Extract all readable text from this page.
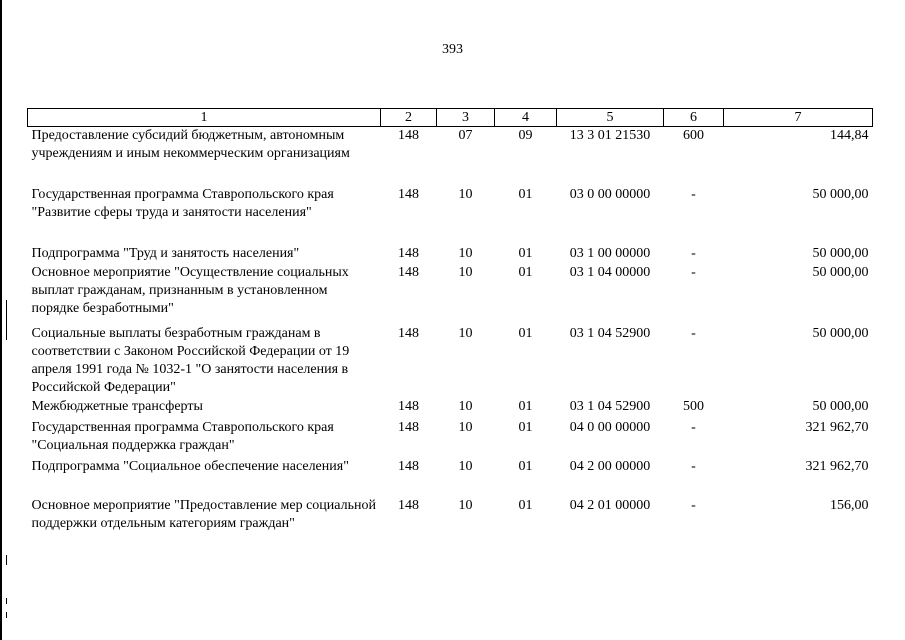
393
1	2	3	4	5	6	7
Предоставление субсидий бюджетным, автономным учреждениям и иным некоммерческим организациям	148	07	09	13 3 01 21530	600	144,84
Государственная программа Ставропольского края "Развитие сферы труда и занятости населения"	148	10	01	03 0 00 00000	-	50 000,00
Подпрограмма "Труд и занятость населения"	148	10	01	03 1 00 00000	-	50 000,00
Основное мероприятие "Осуществление социальных выплат гражданам, признанным в установленном порядке безработными"	148	10	01	03 1 04 00000	-	50 000,00
Социальные выплаты безработным гражданам в соответствии с Законом Российской Федерации от 19 апреля 1991 года № 1032-1 "О занятости населения в Российской Федерации"	148	10	01	03 1 04 52900	-	50 000,00
Межбюджетные трансферты	148	10	01	03 1 04 52900	500	50 000,00
Государственная программа Ставропольского края "Социальная поддержка граждан"	148	10	01	04 0 00 00000	-	321 962,70
Подпрограмма "Социальное обеспечение населения"	148	10	01	04 2 00 00000	-	321 962,70
Основное мероприятие "Предоставление мер социальной поддержки отдельным категориям граждан"	148	10	01	04 2 01 00000	-	156,00
